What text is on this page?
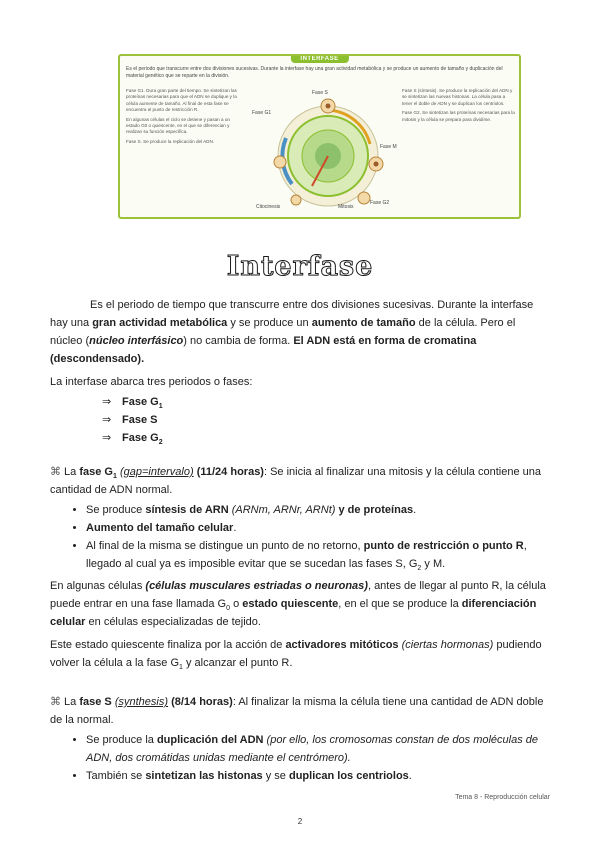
INTERFASE
Es el periodo que transcurre entre dos divisiones sucesivas. Durante la interfase hay una gran actividad metabólica y se produce un aumento de tamaño y duplicación del material genético que se reparte en la división.

Fase G1. Dura gran parte del tiempo. Se sintetizan las proteínas necesarias para que el ADN se duplique y la célula aumente de tamaño. Al final de esta fase se encuentra el punto de restricción R.

En algunas células el ciclo se detiene y pasan a un estado G0 o quiescente, en el que se diferencian y realizan su función específica.

Fase S. Se produce la replicación del ADN.

Fase S
Fase G1
Fase G2
Mitosis
Citocinesis
Fase M

Fase S (síntesis). Se produce la replicación del ADN y se sintetizan las nuevas histonas. La célula pasa a tener el doble de ADN y se duplican los centriolos.

Fase G2. Se sintetizan las proteínas necesarias para la mitosis y la célula se prepara para dividirse.

Interfase

Es el periodo de tiempo que transcurre entre dos divisiones sucesivas. Durante la interfase hay una gran actividad metabólica y se produce un aumento de tamaño de la célula. Pero el núcleo (núcleo interfásico) no cambia de forma. El ADN está en forma de cromatina (descondensado).

La interfase abarca tres periodos o fases:

⇒ Fase $G_1$
⇒ Fase S
⇒ Fase $G_2$

⌘ La fase $G_1$ (gap=intervalo) (11/24 horas): Se inicia al finalizar una mitosis y la célula contiene una cantidad de ADN normal.

• Se produce síntesis de ARN (ARNm, ARNr, ARNt) y de proteínas.
• Aumento del tamaño celular.
• Al final de la misma se distingue un punto de no retorno, punto de restricción o punto R, llegado al cual ya es imposible evitar que se sucedan las fases S, $G_2$ y M.

En algunas células (células musculares estriadas o neuronas), antes de llegar al punto R, la célula puede entrar en una fase llamada $G_0$ o estado quiescente, en el que se produce la diferenciación celular en células especializadas de tejido.

Este estado quiescente finaliza por la acción de activadores mitóticos (ciertas hormonas) pudiendo volver la célula a la fase $G_1$ y alcanzar el punto R.

⌘ La fase S (synthesis) (8/14 horas): Al finalizar la misma la célula tiene una cantidad de ADN doble de la normal.

• Se produce la duplicación del ADN (por ello, los cromosomas constan de dos moléculas de ADN, dos cromátidas unidas mediante el centrómero).
• También se sintetizan las histonas y se duplican los centriolos.
Tema 8 - Reproducción celular
2
